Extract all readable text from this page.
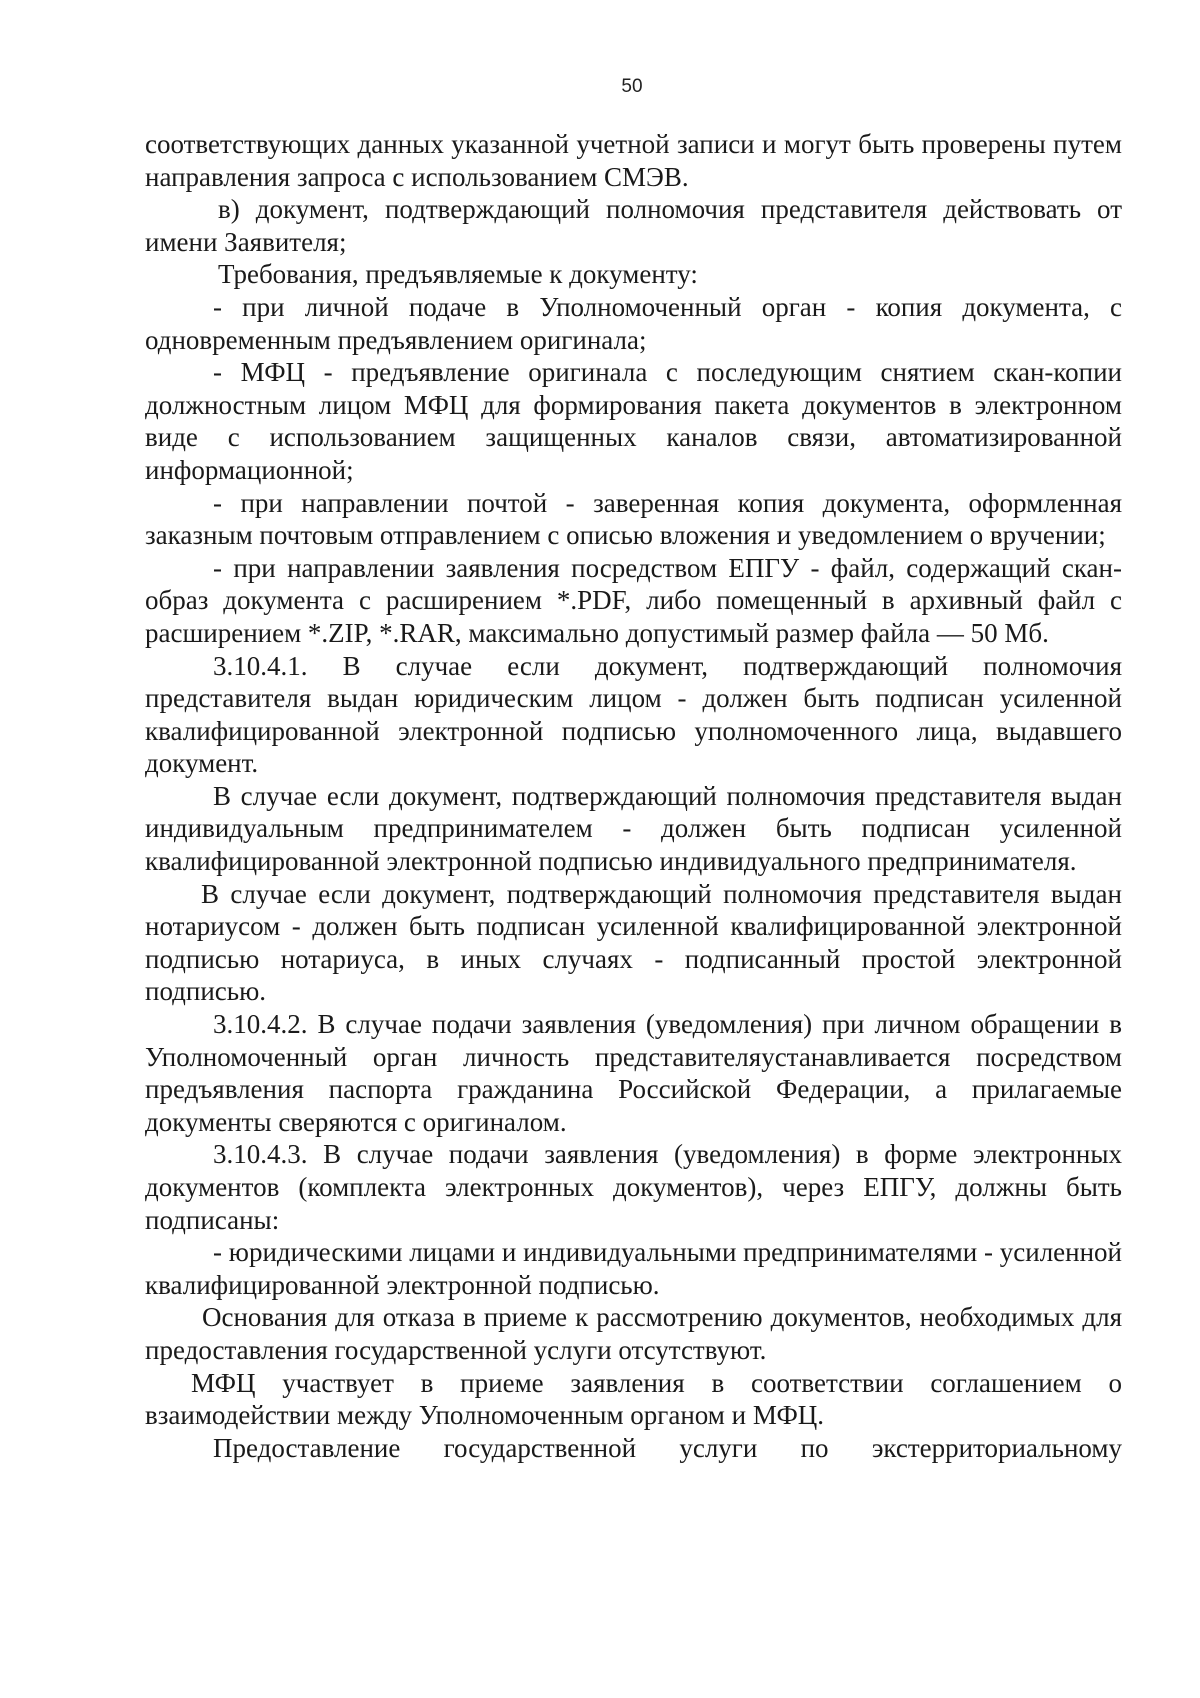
50

соответствующих данных указанной учетной записи и могут быть проверены путем направления запроса с использованием СМЭВ.

в) документ, подтверждающий полномочия представителя действовать от имени Заявителя;

Требования, предъявляемые к документу:

- при личной подаче в Уполномоченный орган - копия документа, с одновременным предъявлением оригинала;

- МФЦ - предъявление оригинала с последующим снятием скан-копии должностным лицом МФЦ для формирования пакета документов в электронном виде с использованием защищенных каналов связи, автоматизированной информационной;

- при направлении почтой - заверенная копия документа, оформленная заказным почтовым отправлением с описью вложения и уведомлением о вручении;

- при направлении заявления посредством ЕПГУ - файл, содержащий скан-образ документа с расширением *.PDF, либо помещенный в архивный файл с расширением *.ZIP, *.RAR, максимально допустимый размер файла — 50 Мб.

3.10.4.1. В случае если документ, подтверждающий полномочия представителя выдан юридическим лицом - должен быть подписан усиленной квалифицированной электронной подписью уполномоченного лица, выдавшего документ.

В случае если документ, подтверждающий полномочия представителя выдан индивидуальным предпринимателем - должен быть подписан усиленной квалифицированной электронной подписью индивидуального предпринимателя.

В случае если документ, подтверждающий полномочия представителя выдан нотариусом - должен быть подписан усиленной квалифицированной электронной подписью нотариуса, в иных случаях - подписанный простой электронной подписью.

3.10.4.2. В случае подачи заявления (уведомления) при личном обращении в Уполномоченный орган личность представителяустанавливается посредством предъявления паспорта гражданина Российской Федерации, а прилагаемые документы сверяются с оригиналом.

3.10.4.3. В случае подачи заявления (уведомления) в форме электронных документов (комплекта электронных документов), через ЕПГУ, должны быть подписаны:

- юридическими лицами и индивидуальными предпринимателями - усиленной квалифицированной электронной подписью.

Основания для отказа в приеме к рассмотрению документов, необходимых для предоставления государственной услуги отсутствуют.

МФЦ участвует в приеме заявления в соответствии соглашением о взаимодействии между Уполномоченным органом и МФЦ.

Предоставление государственной услуги по экстерриториальному
